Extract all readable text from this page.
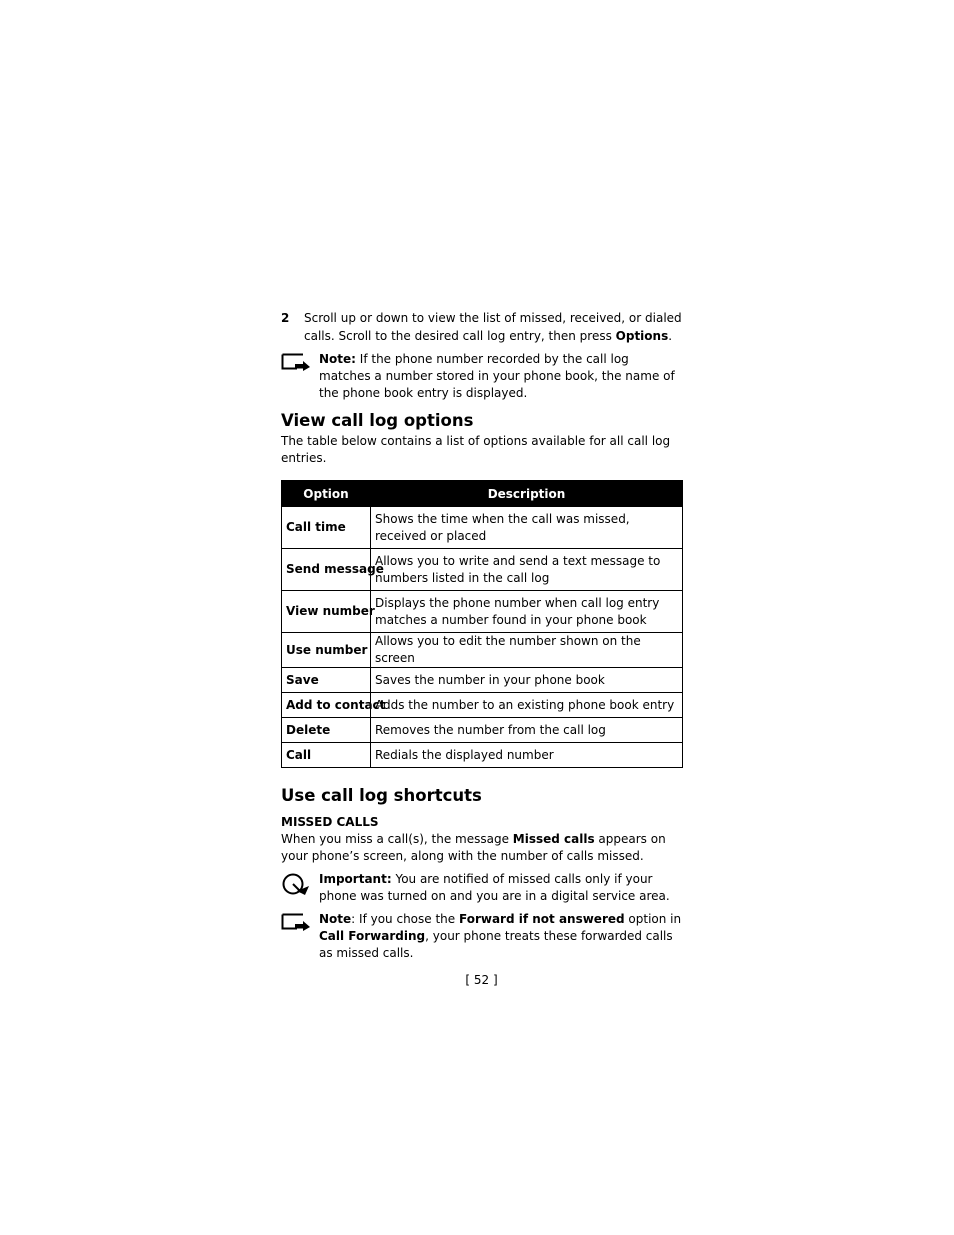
2	Scroll up or down to view the list of missed, received, or dialed calls. Scroll to the desired call log entry, then press Options.
Note: If the phone number recorded by the call log matches a number stored in your phone book, the name of the phone book entry is displayed.
View call log options
The table below contains a list of options available for all call log entries.
Option	Description
Call time	Shows the time when the call was missed, received or placed
Send message	Allows you to write and send a text message to numbers listed in the call log
View number	Displays the phone number when call log entry matches a number found in your phone book
Use number	Allows you to edit the number shown on the screen
Save	Saves the number in your phone book
Add to contact	Adds the number to an existing phone book entry
Delete	Removes the number from the call log
Call	Redials the displayed number
Use call log shortcuts
MISSED CALLS
When you miss a call(s), the message Missed calls appears on your phone’s screen, along with the number of calls missed.
Important: You are notified of missed calls only if your phone was turned on and you are in a digital service area.
Note: If you chose the Forward if not answered option in Call Forwarding, your phone treats these forwarded calls as missed calls.
[ 52 ]
